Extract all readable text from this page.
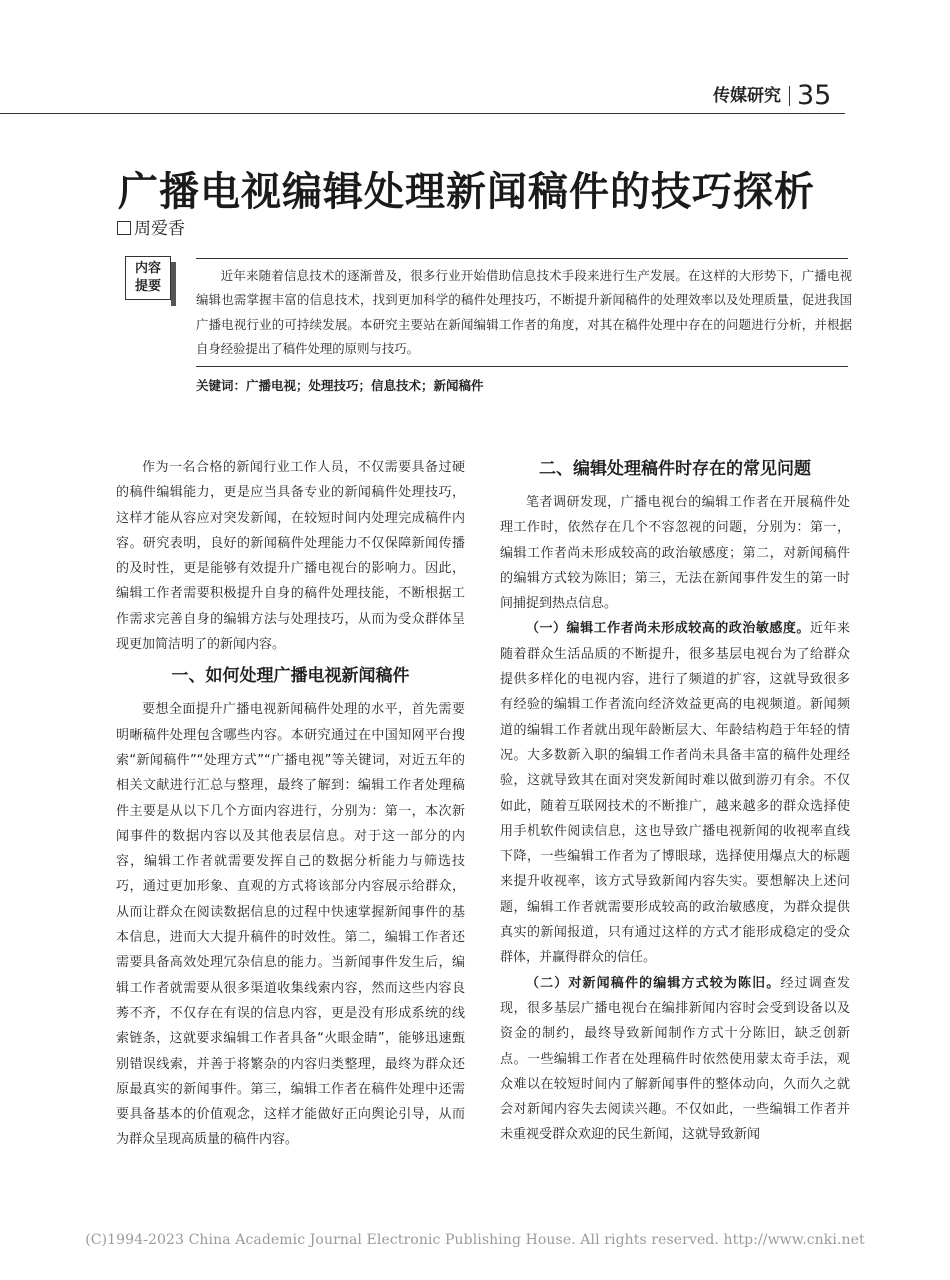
传媒研究 35
广播电视编辑处理新闻稿件的技巧探析
周爱香
内容
提要
近年来随着信息技术的逐渐普及，很多行业开始借助信息技术手段来进行生产发展。在这样的大形势下，广播电视编辑也需掌握丰富的信息技术，找到更加科学的稿件处理技巧，不断提升新闻稿件的处理效率以及处理质量，促进我国广播电视行业的可持续发展。本研究主要站在新闻编辑工作者的角度，对其在稿件处理中存在的问题进行分析，并根据自身经验提出了稿件处理的原则与技巧。
关键词：广播电视；处理技巧；信息技术；新闻稿件

作为一名合格的新闻行业工作人员，不仅需要具备过硬的稿件编辑能力，更是应当具备专业的新闻稿件处理技巧，这样才能从容应对突发新闻，在较短时间内处理完成稿件内容。研究表明，良好的新闻稿件处理能力不仅保障新闻传播的及时性，更是能够有效提升广播电视台的影响力。因此，编辑工作者需要积极提升自身的稿件处理技能，不断根据工作需求完善自身的编辑方法与处理技巧，从而为受众群体呈现更加简洁明了的新闻内容。

一、如何处理广播电视新闻稿件

要想全面提升广播电视新闻稿件处理的水平，首先需要明晰稿件处理包含哪些内容。本研究通过在中国知网平台搜索“新闻稿件”“处理方式”“广播电视”等关键词，对近五年的相关文献进行汇总与整理，最终了解到：编辑工作者处理稿件主要是从以下几个方面内容进行，分别为：第一，本次新闻事件的数据内容以及其他表层信息。对于这一部分的内容，编辑工作者就需要发挥自己的数据分析能力与筛选技巧，通过更加形象、直观的方式将该部分内容展示给群众，从而让群众在阅读数据信息的过程中快速掌握新闻事件的基本信息，进而大大提升稿件的时效性。第二，编辑工作者还需要具备高效处理冗杂信息的能力。当新闻事件发生后，编辑工作者就需要从很多渠道收集线索内容，然而这些内容良莠不齐，不仅存在有误的信息内容，更是没有形成系统的线索链条，这就要求编辑工作者具备“火眼金睛”，能够迅速甄别错误线索，并善于将繁杂的内容归类整理，最终为群众还原最真实的新闻事件。第三，编辑工作者在稿件处理中还需要具备基本的价值观念，这样才能做好正向舆论引导，从而为群众呈现高质量的稿件内容。

二、编辑处理稿件时存在的常见问题

笔者调研发现，广播电视台的编辑工作者在开展稿件处理工作时，依然存在几个不容忽视的问题，分别为：第一，编辑工作者尚未形成较高的政治敏感度；第二，对新闻稿件的编辑方式较为陈旧；第三，无法在新闻事件发生的第一时间捕捉到热点信息。

（一）编辑工作者尚未形成较高的政治敏感度。近年来随着群众生活品质的不断提升，很多基层电视台为了给群众提供多样化的电视内容，进行了频道的扩容，这就导致很多有经验的编辑工作者流向经济效益更高的电视频道。新闻频道的编辑工作者就出现年龄断层大、年龄结构趋于年轻的情况。大多数新入职的编辑工作者尚未具备丰富的稿件处理经验，这就导致其在面对突发新闻时难以做到游刃有余。不仅如此，随着互联网技术的不断推广，越来越多的群众选择使用手机软件阅读信息，这也导致广播电视新闻的收视率直线下降，一些编辑工作者为了博眼球，选择使用爆点大的标题来提升收视率，该方式导致新闻内容失实。要想解决上述问题，编辑工作者就需要形成较高的政治敏感度，为群众提供真实的新闻报道，只有通过这样的方式才能形成稳定的受众群体，并赢得群众的信任。

（二）对新闻稿件的编辑方式较为陈旧。经过调查发现，很多基层广播电视台在编排新闻内容时会受到设备以及资金的制约，最终导致新闻制作方式十分陈旧，缺乏创新点。一些编辑工作者在处理稿件时依然使用蒙太奇手法，观众难以在较短时间内了解新闻事件的整体动向，久而久之就会对新闻内容失去阅读兴趣。不仅如此，一些编辑工作者并未重视受群众欢迎的民生新闻，这就导致新闻

(C)1994-2023 China Academic Journal Electronic Publishing House. All rights reserved. http://www.cnki.net
